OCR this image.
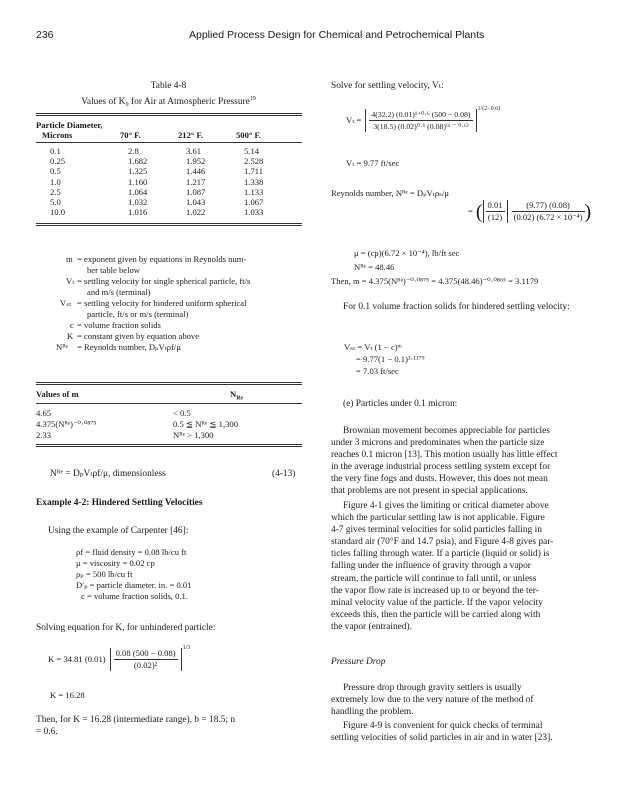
236	Applied Process Design for Chemical and Petrochemical Plants
Table 4-8
Values of K₀ for Air at Atmospheric Pressure$^{19}$
Particle Diameter,			
Microns	70° F.	212° F.	500° F.
0.1	2.8	3.61	5.14
0.25	1.682	1.952	2.528
0.5	1.325	1.446	1.711
1.0	1.160	1.217	1.338
2.5	1.064	1.087	1.133
5.0	1.032	1.043	1.067
10.0	1.016	1.022	1.033
m = exponent given by equations in Reynolds num-
ber table below
Vₜ = settling velocity for single spherical particle, ft/s
and m/s (terminal)
Vₛₜ = settling velocity for hindered uniform spherical
particle, ft/s or m/s (terminal)
c = volume fraction solids
K = constant given by equation above
Nᴿᵉ = Reynolds number, DₚVₜρf/μ
Values of m	$N_{Re}$
4.65	< 0.5
4.375(Nᴿᵉ)⁻⁰·⁰⁸⁷⁵	0.5 ≦ Nᴿᵉ ≦ 1,300
2.33	Nᴿᵉ > 1,300
Nᴿᵉ = DₚVₜρf/μ, dimensionless	(4-13)
Example 4-2: Hindered Settling Velocities
Using the example of Carpenter [46]:
ρf = fluid density = 0.08 lb/cu ft
μ = viscosity = 0.02 cp
ρₚ = 500 lb/cu ft
D′ₚ = particle diameter. in. = 0.01
c = volume fraction solids, 0.1.
Solving equation for K, for unhindered particle:
K = 34.81 $(0.01) \frac{0.08 (500 - 0.08)}{\text{(0.02)²}} 1/3$
K = 16.28
Then, for K = 16.28 (intermediate range), b = 18.5; n
= 0.6.
Solve for settling velocity, Vₜ:
$V_t = \frac{\text{4(32.2) (0.01)¹⁺⁰·⁶ (500 − 0.08)}}{\text{3(18.5) (0.02)⁰·⁶ (0.08)⁽¹ ⁻ ⁰·⁶⁾}} 1/(2-0.6)$
Vₜ = 9.77 ft/sec
Reynolds number, Nᴿᵉ = DₚVₜρₛ/μ
= ( $\frac{0.01}{(12)} \frac{(9.77) (0.08)}{\text{(0.02) (6.72 × 10⁻⁴)}}$ )
μ = (cp)(6.72 × 10⁻⁴), lb/ft sec
Nᴿᵉ = 48.46
Then, m = 4.375(Nᴿᵉ)⁻⁰·⁰⁸⁷⁵ = 4.375(48.46)⁻⁰·⁰⁸⁶⁵ = 3.1179
For 0.1 volume fraction solids for hindered settling velocity:
Vₛₜ = Vₜ (1 − c)ᵐ
= 9.77(1 − 0.1)³·¹¹⁷⁹
= 7.03 ft/sec
(e) Particles under 0.1 micron:
Brownian movement becomes appreciable for particles
under 3 microns and predominates when the particle size
reaches 0.1 micron [13]. This motion usually has little effect
in the average industrial process settling system except for
the very fine fogs and dusts. However, this does not mean
that problems are not present in special applications.
Figure 4-1 gives the limiting or critical diameter above
which the particular settling law is not applicable. Figure
4-7 gives terminal velocities for solid particles falling in
standard air (70°F and 14.7 psia), and Figure 4-8 gives par-
ticles falling through water. If a particle (liquid or solid) is
falling under the influence of gravity through a vapor
stream, the particle will continue to fall until, or unless
the vapor flow rate is increased up to or beyond the ter-
minal velocity value of the particle. If the vapor velocity
exceeds this, then the particle will be carried along with
the vapor (entrained).
Pressure Drop
Pressure drop through gravity settlers is usually
extremely low due to the very nature of the method of
handling the problem.
Figure 4-9 is convenient for quick checks of terminal
settling velocities of solid particles in air and in water [23].
